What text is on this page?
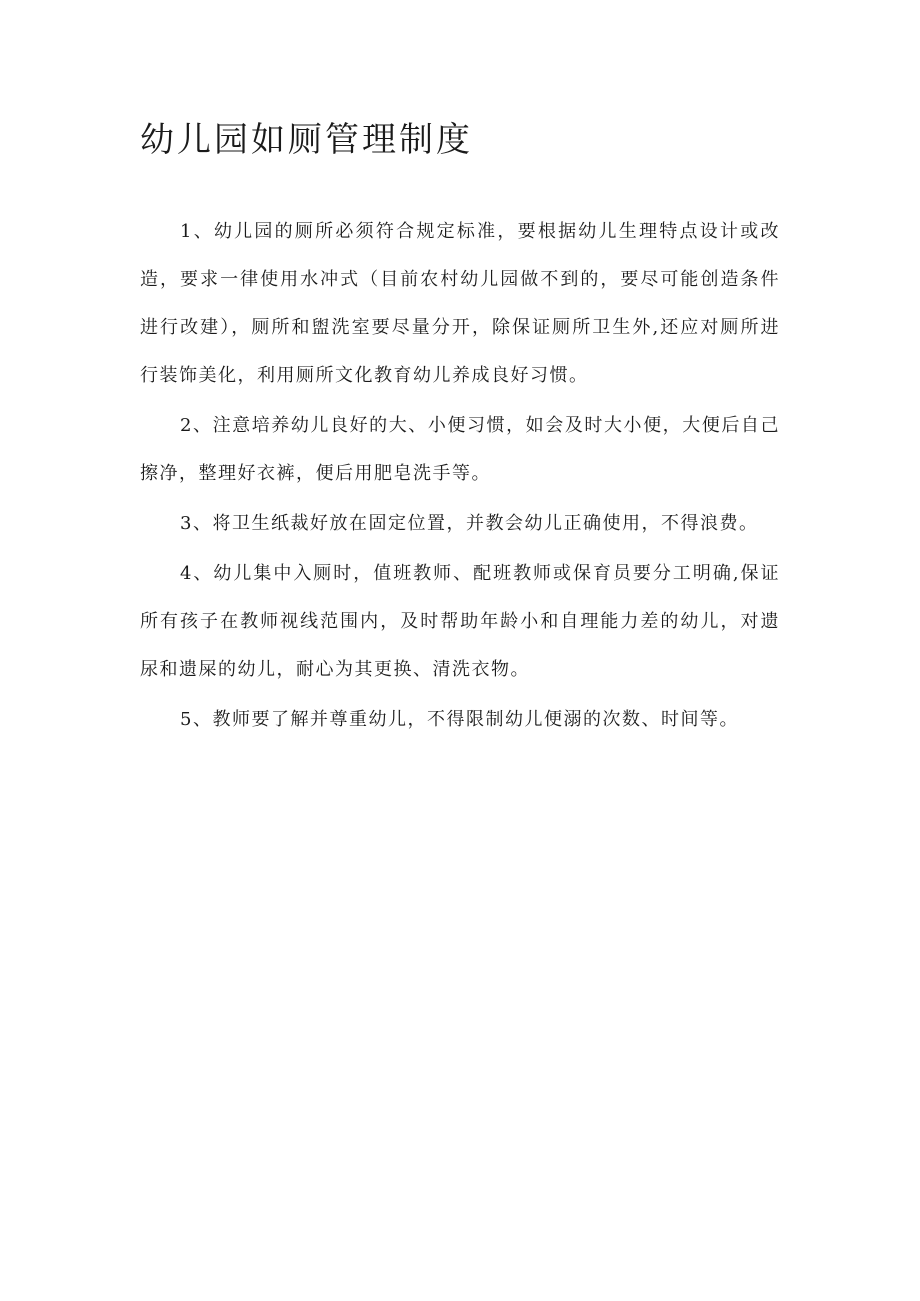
幼儿园如厕管理制度

1、幼儿园的厕所必须符合规定标准，要根据幼儿生理特点设计或改造，要求一律使用水冲式（目前农村幼儿园做不到的，要尽可能创造条件进行改建），厕所和盥洗室要尽量分开，除保证厕所卫生外,还应对厕所进行装饰美化，利用厕所文化教育幼儿养成良好习惯。

2、注意培养幼儿良好的大、小便习惯，如会及时大小便，大便后自己擦净，整理好衣裤，便后用肥皂洗手等。

3、将卫生纸裁好放在固定位置，并教会幼儿正确使用，不得浪费。

4、幼儿集中入厕时，值班教师、配班教师或保育员要分工明确,保证所有孩子在教师视线范围内，及时帮助年龄小和自理能力差的幼儿，对遗尿和遗屎的幼儿，耐心为其更换、清洗衣物。

5、教师要了解并尊重幼儿，不得限制幼儿便溺的次数、时间等。
